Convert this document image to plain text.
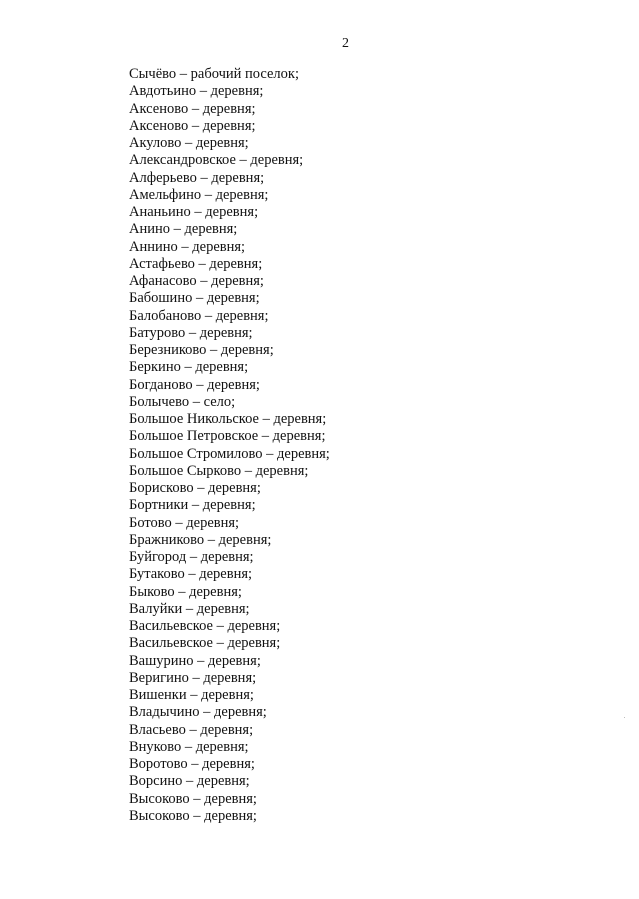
2
Сычёво – рабочий поселок;
Авдотьино – деревня;
Аксеново – деревня;
Аксеново – деревня;
Акулово – деревня;
Александровское – деревня;
Алферьево – деревня;
Амельфино – деревня;
Ананьино – деревня;
Анино – деревня;
Аннино – деревня;
Астафьево – деревня;
Афанасово – деревня;
Бабошино – деревня;
Балобаново – деревня;
Батурово – деревня;
Березниково – деревня;
Беркино – деревня;
Богданово – деревня;
Болычево – село;
Большое Никольское – деревня;
Большое Петровское – деревня;
Большое Стромилово – деревня;
Большое Сырково – деревня;
Борисково – деревня;
Бортники – деревня;
Ботово – деревня;
Бражниково – деревня;
Буйгород – деревня;
Бутаково – деревня;
Быково – деревня;
Валуйки – деревня;
Васильевское – деревня;
Васильевское – деревня;
Вашурино – деревня;
Веригино – деревня;
Вишенки – деревня;
Владычино – деревня;
Власьево – деревня;
Внуково – деревня;
Воротово – деревня;
Ворсино – деревня;
Высоково – деревня;
Высоково – деревня;
